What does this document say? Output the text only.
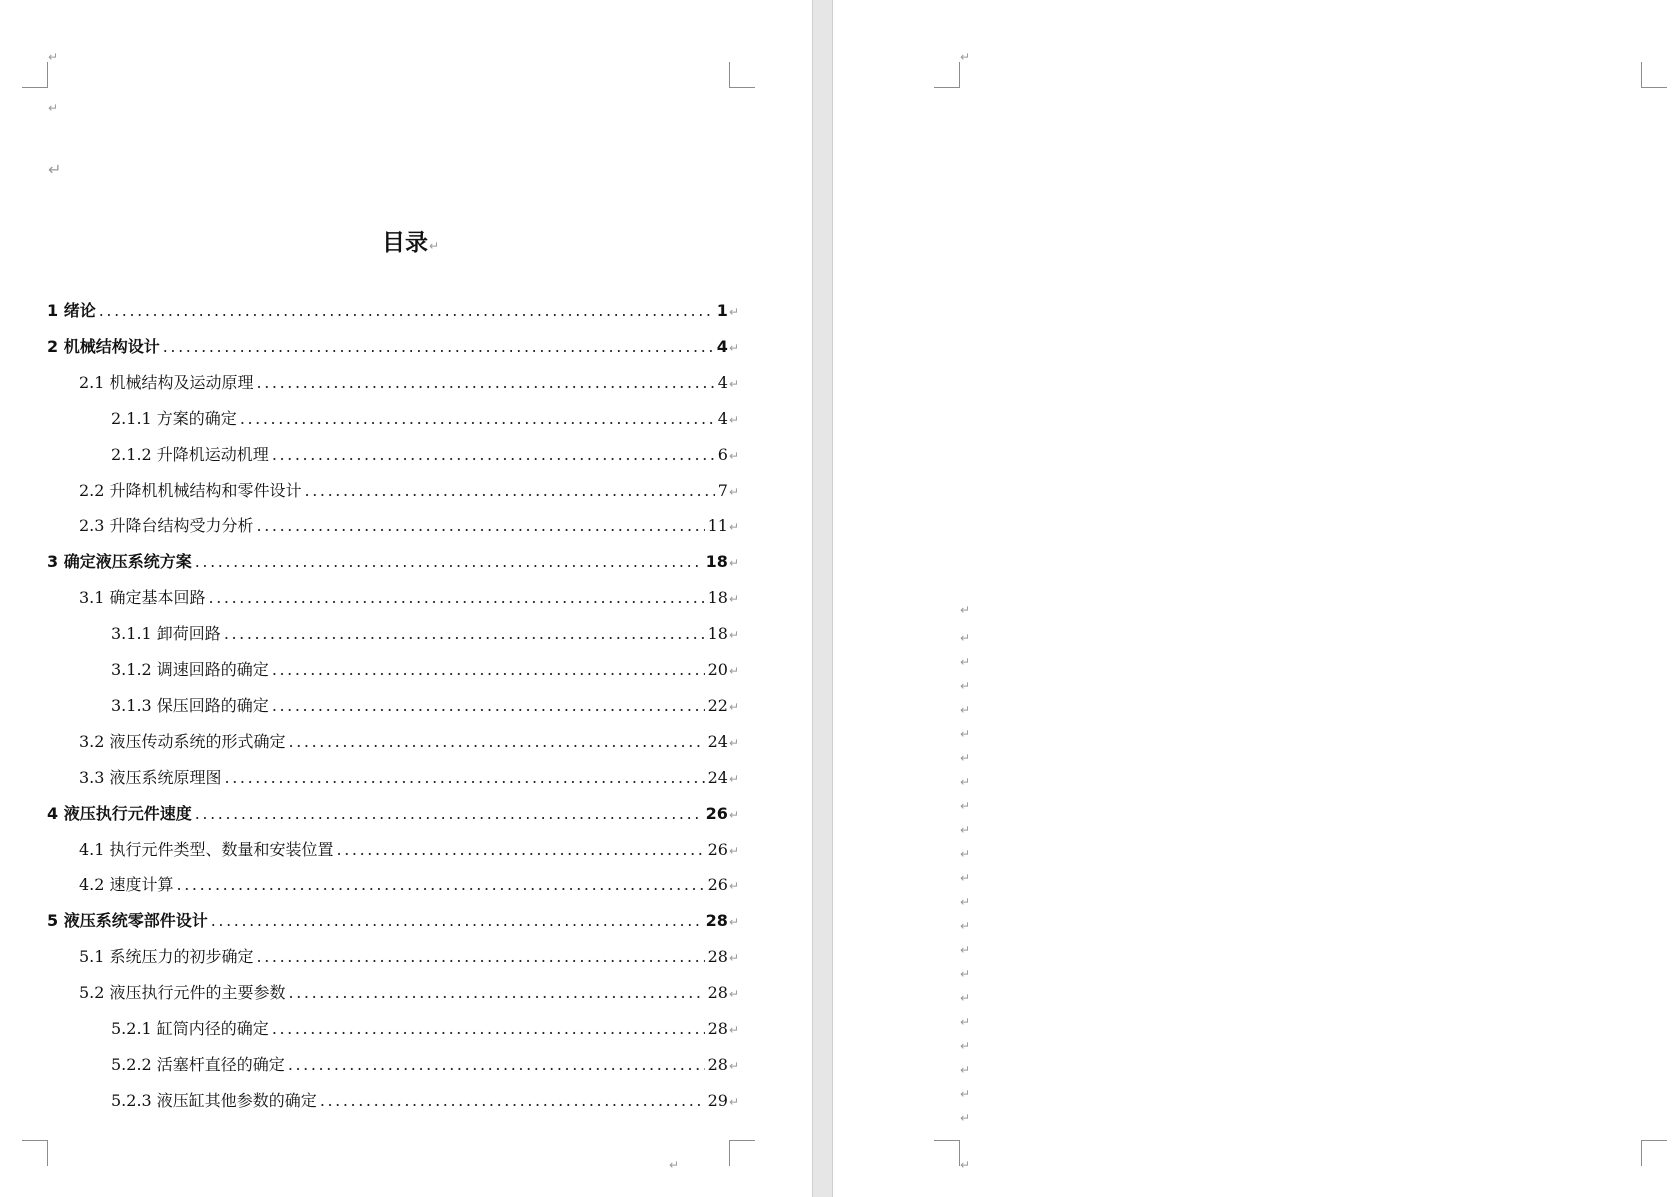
↵
↵
↵
目录↵
1 绪论 .....	1 ↵
2 机械结构设计 .....	4 ↵
2.1 机械结构及运动原理 .....	4 ↵
2.1.1 方案的确定 .....	4 ↵
2.1.2 升降机运动机理 .....	6 ↵
2.2 升降机机械结构和零件设计 .....	7 ↵
2.3 升降台结构受力分析 .....	11 ↵
3 确定液压系统方案 .....	18 ↵
3.1 确定基本回路 .....	18 ↵
3.1.1 卸荷回路 .....	18 ↵
3.1.2 调速回路的确定 .....	20 ↵
3.1.3 保压回路的确定 .....	22 ↵
3.2 液压传动系统的形式确定 .....	24 ↵
3.3 液压系统原理图 .....	24 ↵
4 液压执行元件速度 .....	26 ↵
4.1 执行元件类型、数量和安装位置 .....	26 ↵
4.2 速度计算 .....	26 ↵
5 液压系统零部件设计 .....	28 ↵
5.1 系统压力的初步确定 .....	28 ↵
5.2 液压执行元件的主要参数 .....	28 ↵
5.2.1 缸筒内径的确定 .....	28 ↵
5.2.2 活塞杆直径的确定 .....	28 ↵
5.2.3 液压缸其他参数的确定 .....	29 ↵
↵
↵
↵
↵
↵
↵
↵
↵
↵
↵
↵
↵
↵
↵
↵
↵
↵
↵
↵
↵
↵
↵
↵
↵
↵
